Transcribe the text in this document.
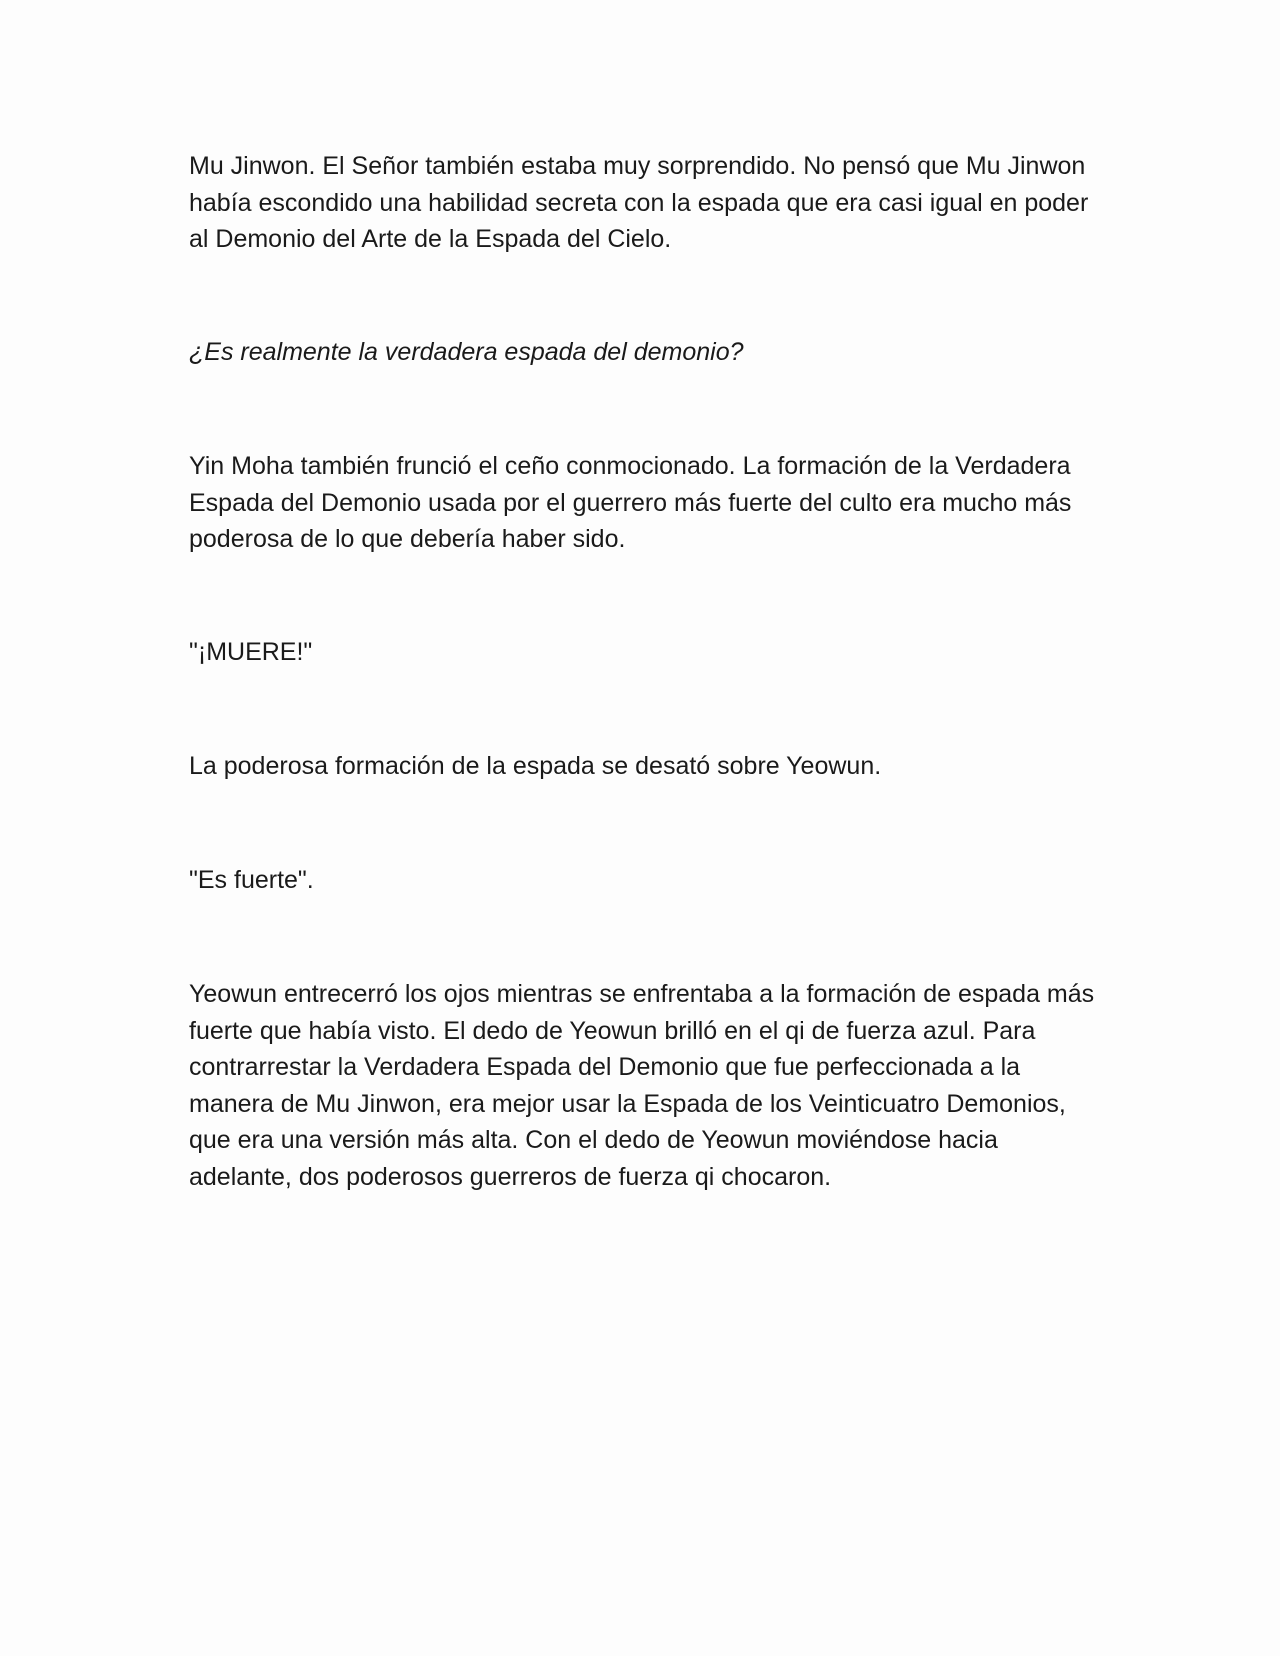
Mu Jinwon. El Señor también estaba muy sorprendido. No pensó que Mu Jinwon había escondido una habilidad secreta con la espada que era casi igual en poder al Demonio del Arte de la Espada del Cielo.

¿Es realmente la verdadera espada del demonio?

Yin Moha también frunció el ceño conmocionado. La formación de la Verdadera Espada del Demonio usada por el guerrero más fuerte del culto era mucho más poderosa de lo que debería haber sido.

"¡MUERE!"

La poderosa formación de la espada se desató sobre Yeowun.

"Es fuerte".

Yeowun entrecerró los ojos mientras se enfrentaba a la formación de espada más fuerte que había visto. El dedo de Yeowun brilló en el qi de fuerza azul. Para contrarrestar la Verdadera Espada del Demonio que fue perfeccionada a la manera de Mu Jinwon, era mejor usar la Espada de los Veinticuatro Demonios, que era una versión más alta. Con el dedo de Yeowun moviéndose hacia adelante, dos poderosos guerreros de fuerza qi chocaron.
